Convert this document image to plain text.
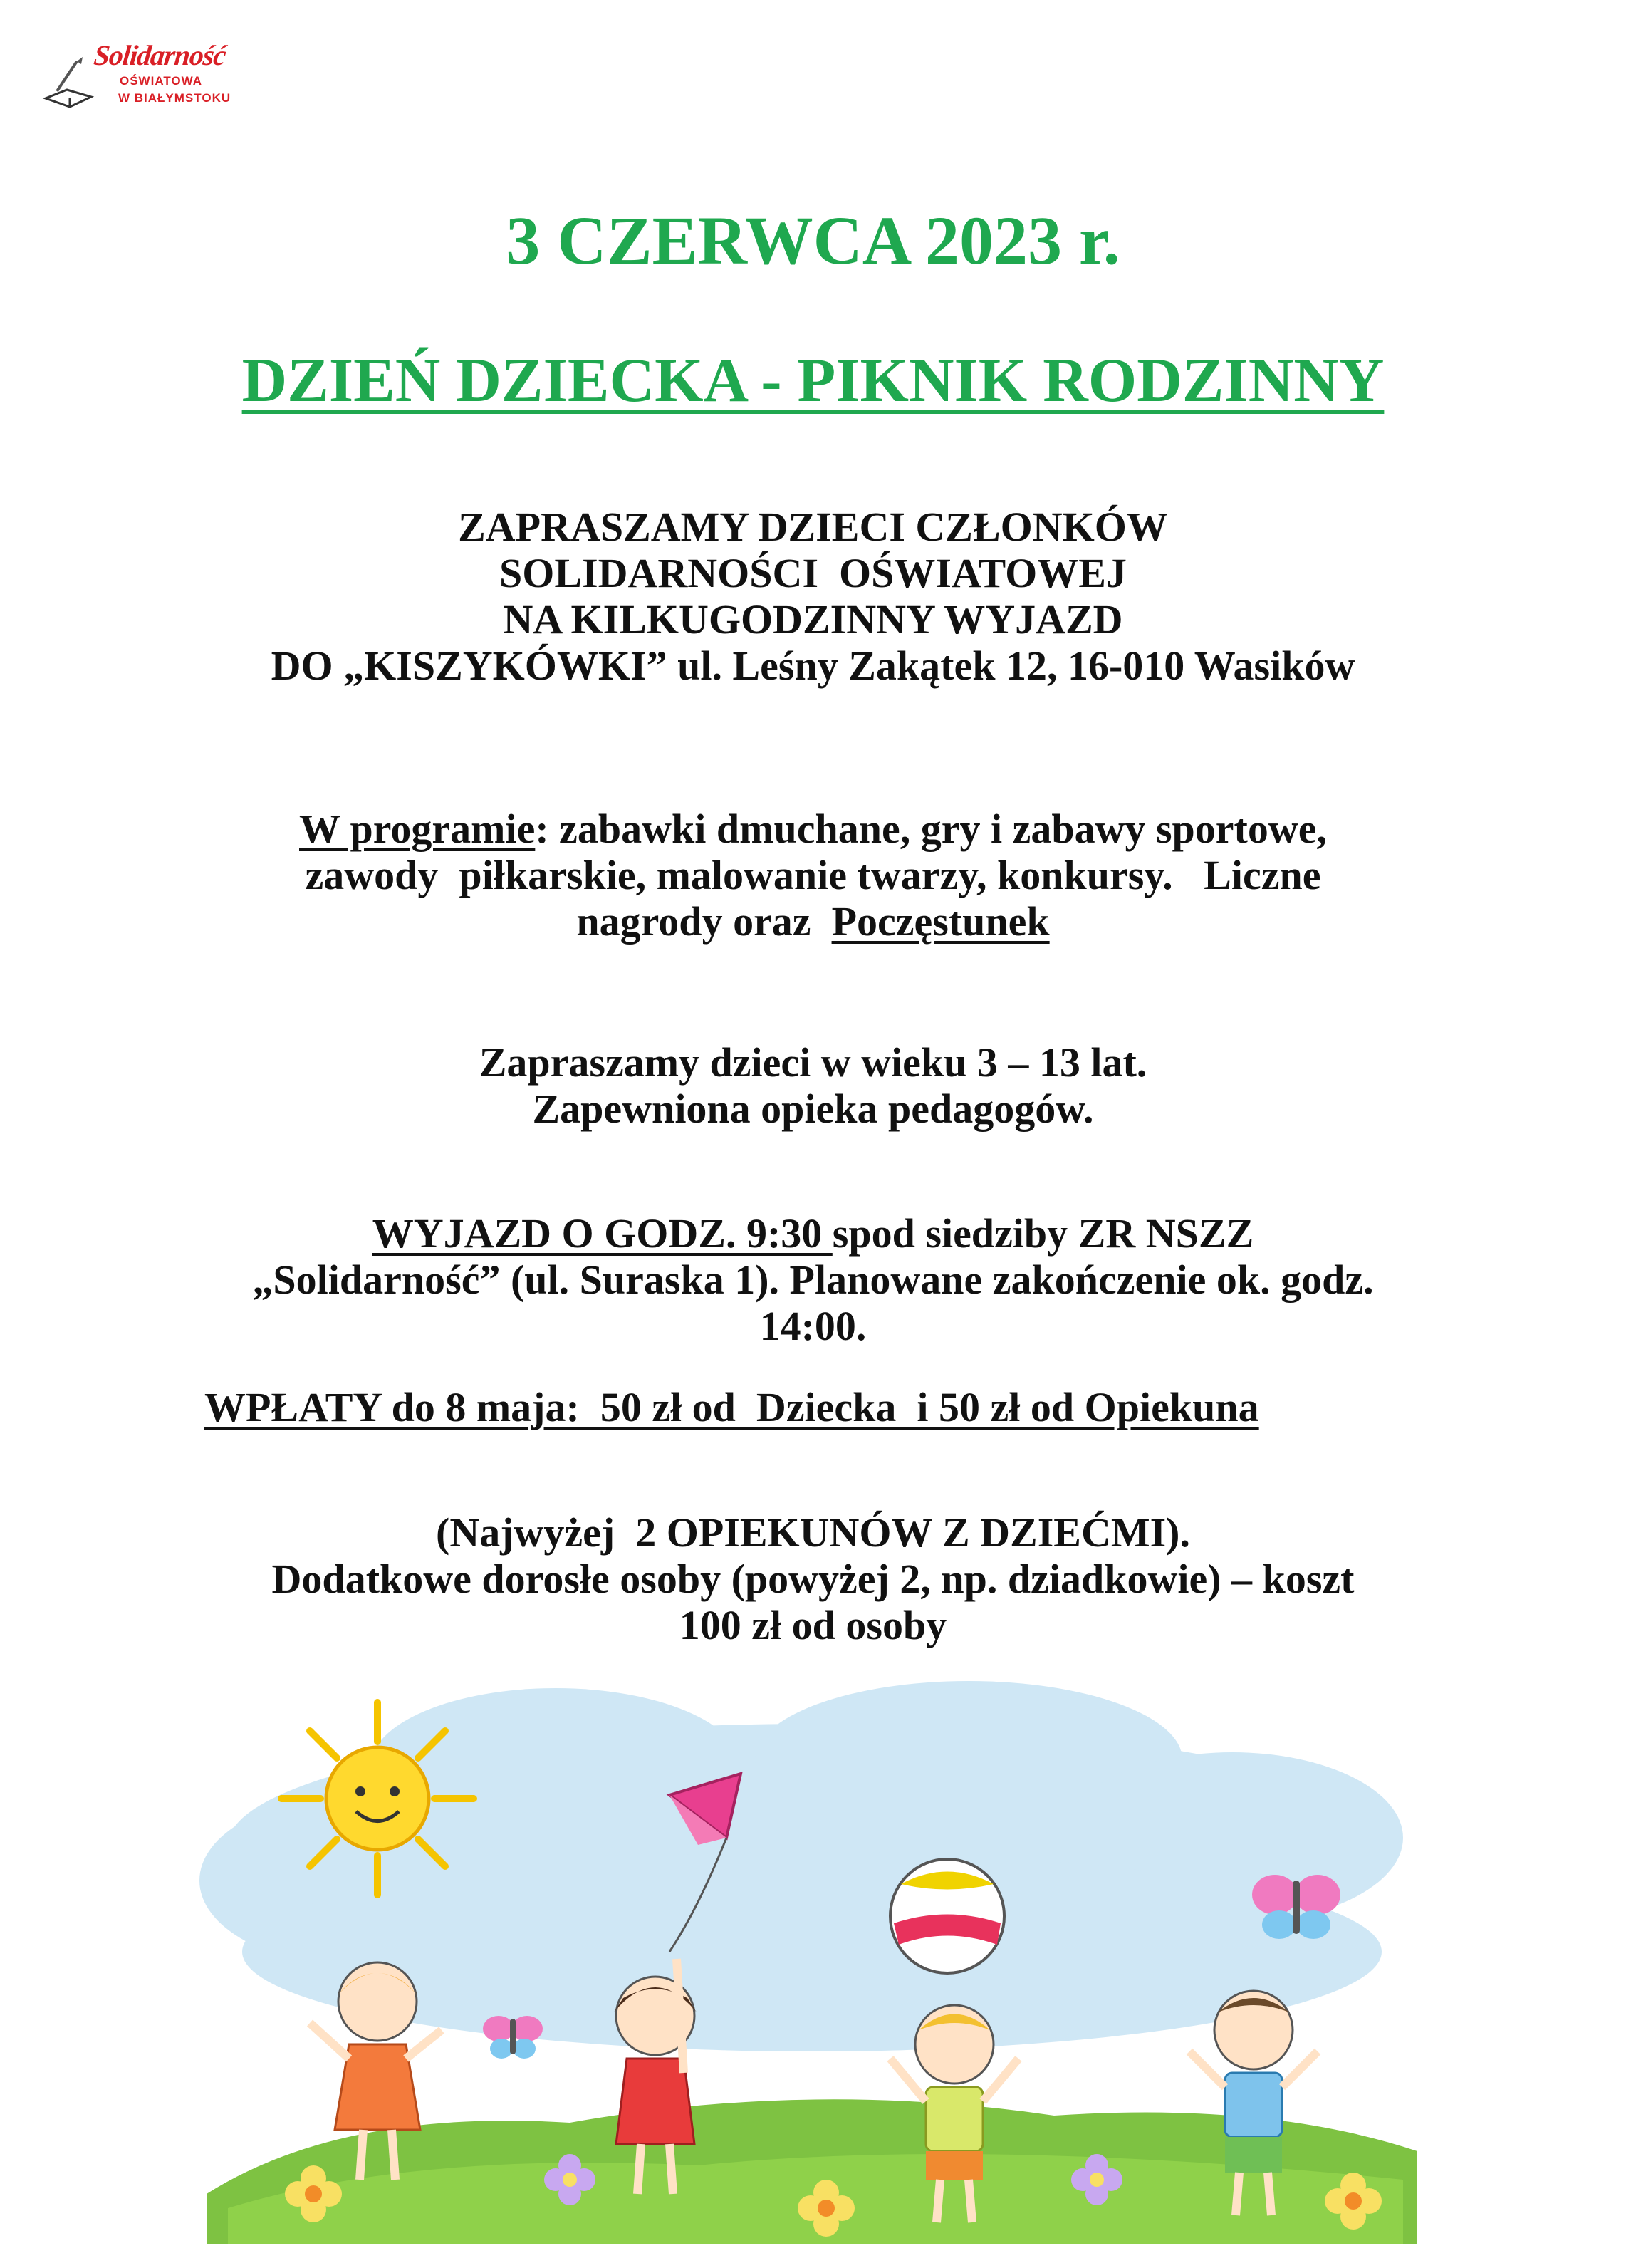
Solidarność
OŚWIATOWA
W BIAŁYMSTOKU
3 CZERWCA 2023 r.
DZIEŃ DZIECKA - PIKNIK RODZINNY
ZAPRASZAMY DZIECI CZŁONKÓW
SOLIDARNOŚCI  OŚWIATOWEJ
NA KILKUGODZINNY WYJAZD
DO „KISZYKÓWKI” ul. Leśny Zakątek 12, 16-010 Wasików
W programie: zabawki dmuchane, gry i zabawy sportowe,
zawody  piłkarskie, malowanie twarzy, konkursy.   Liczne
nagrody oraz  Poczęstunek
Zapraszamy dzieci w wieku 3 – 13 lat.
Zapewniona opieka pedagogów.
WYJAZD O GODZ. 9:30 spod siedziby ZR NSZZ
„Solidarność” (ul. Suraska 1). Planowane zakończenie ok. godz.
14:00.
WPŁATY do 8 maja:  50 zł od  Dziecka  i 50 zł od Opiekuna
(Najwyżej  2 OPIEKUNÓW Z DZIEĆMI).
Dodatkowe dorosłe osoby (powyżej 2, np. dziadkowie) – koszt
100 zł od osoby
